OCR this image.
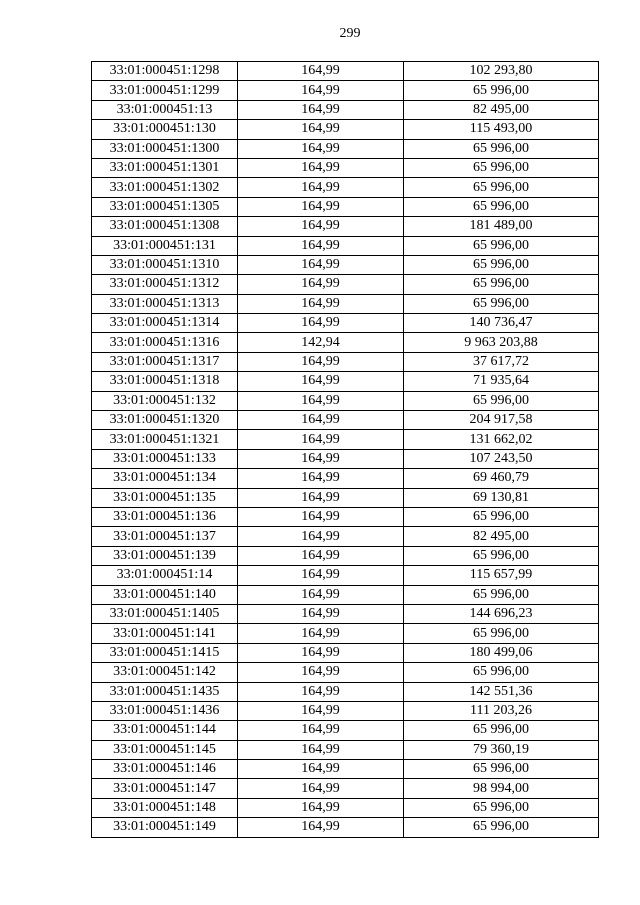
299
33:01:000451:1298	164,99	102 293,80
33:01:000451:1299	164,99	65 996,00
33:01:000451:13	164,99	82 495,00
33:01:000451:130	164,99	115 493,00
33:01:000451:1300	164,99	65 996,00
33:01:000451:1301	164,99	65 996,00
33:01:000451:1302	164,99	65 996,00
33:01:000451:1305	164,99	65 996,00
33:01:000451:1308	164,99	181 489,00
33:01:000451:131	164,99	65 996,00
33:01:000451:1310	164,99	65 996,00
33:01:000451:1312	164,99	65 996,00
33:01:000451:1313	164,99	65 996,00
33:01:000451:1314	164,99	140 736,47
33:01:000451:1316	142,94	9 963 203,88
33:01:000451:1317	164,99	37 617,72
33:01:000451:1318	164,99	71 935,64
33:01:000451:132	164,99	65 996,00
33:01:000451:1320	164,99	204 917,58
33:01:000451:1321	164,99	131 662,02
33:01:000451:133	164,99	107 243,50
33:01:000451:134	164,99	69 460,79
33:01:000451:135	164,99	69 130,81
33:01:000451:136	164,99	65 996,00
33:01:000451:137	164,99	82 495,00
33:01:000451:139	164,99	65 996,00
33:01:000451:14	164,99	115 657,99
33:01:000451:140	164,99	65 996,00
33:01:000451:1405	164,99	144 696,23
33:01:000451:141	164,99	65 996,00
33:01:000451:1415	164,99	180 499,06
33:01:000451:142	164,99	65 996,00
33:01:000451:1435	164,99	142 551,36
33:01:000451:1436	164,99	111 203,26
33:01:000451:144	164,99	65 996,00
33:01:000451:145	164,99	79 360,19
33:01:000451:146	164,99	65 996,00
33:01:000451:147	164,99	98 994,00
33:01:000451:148	164,99	65 996,00
33:01:000451:149	164,99	65 996,00
